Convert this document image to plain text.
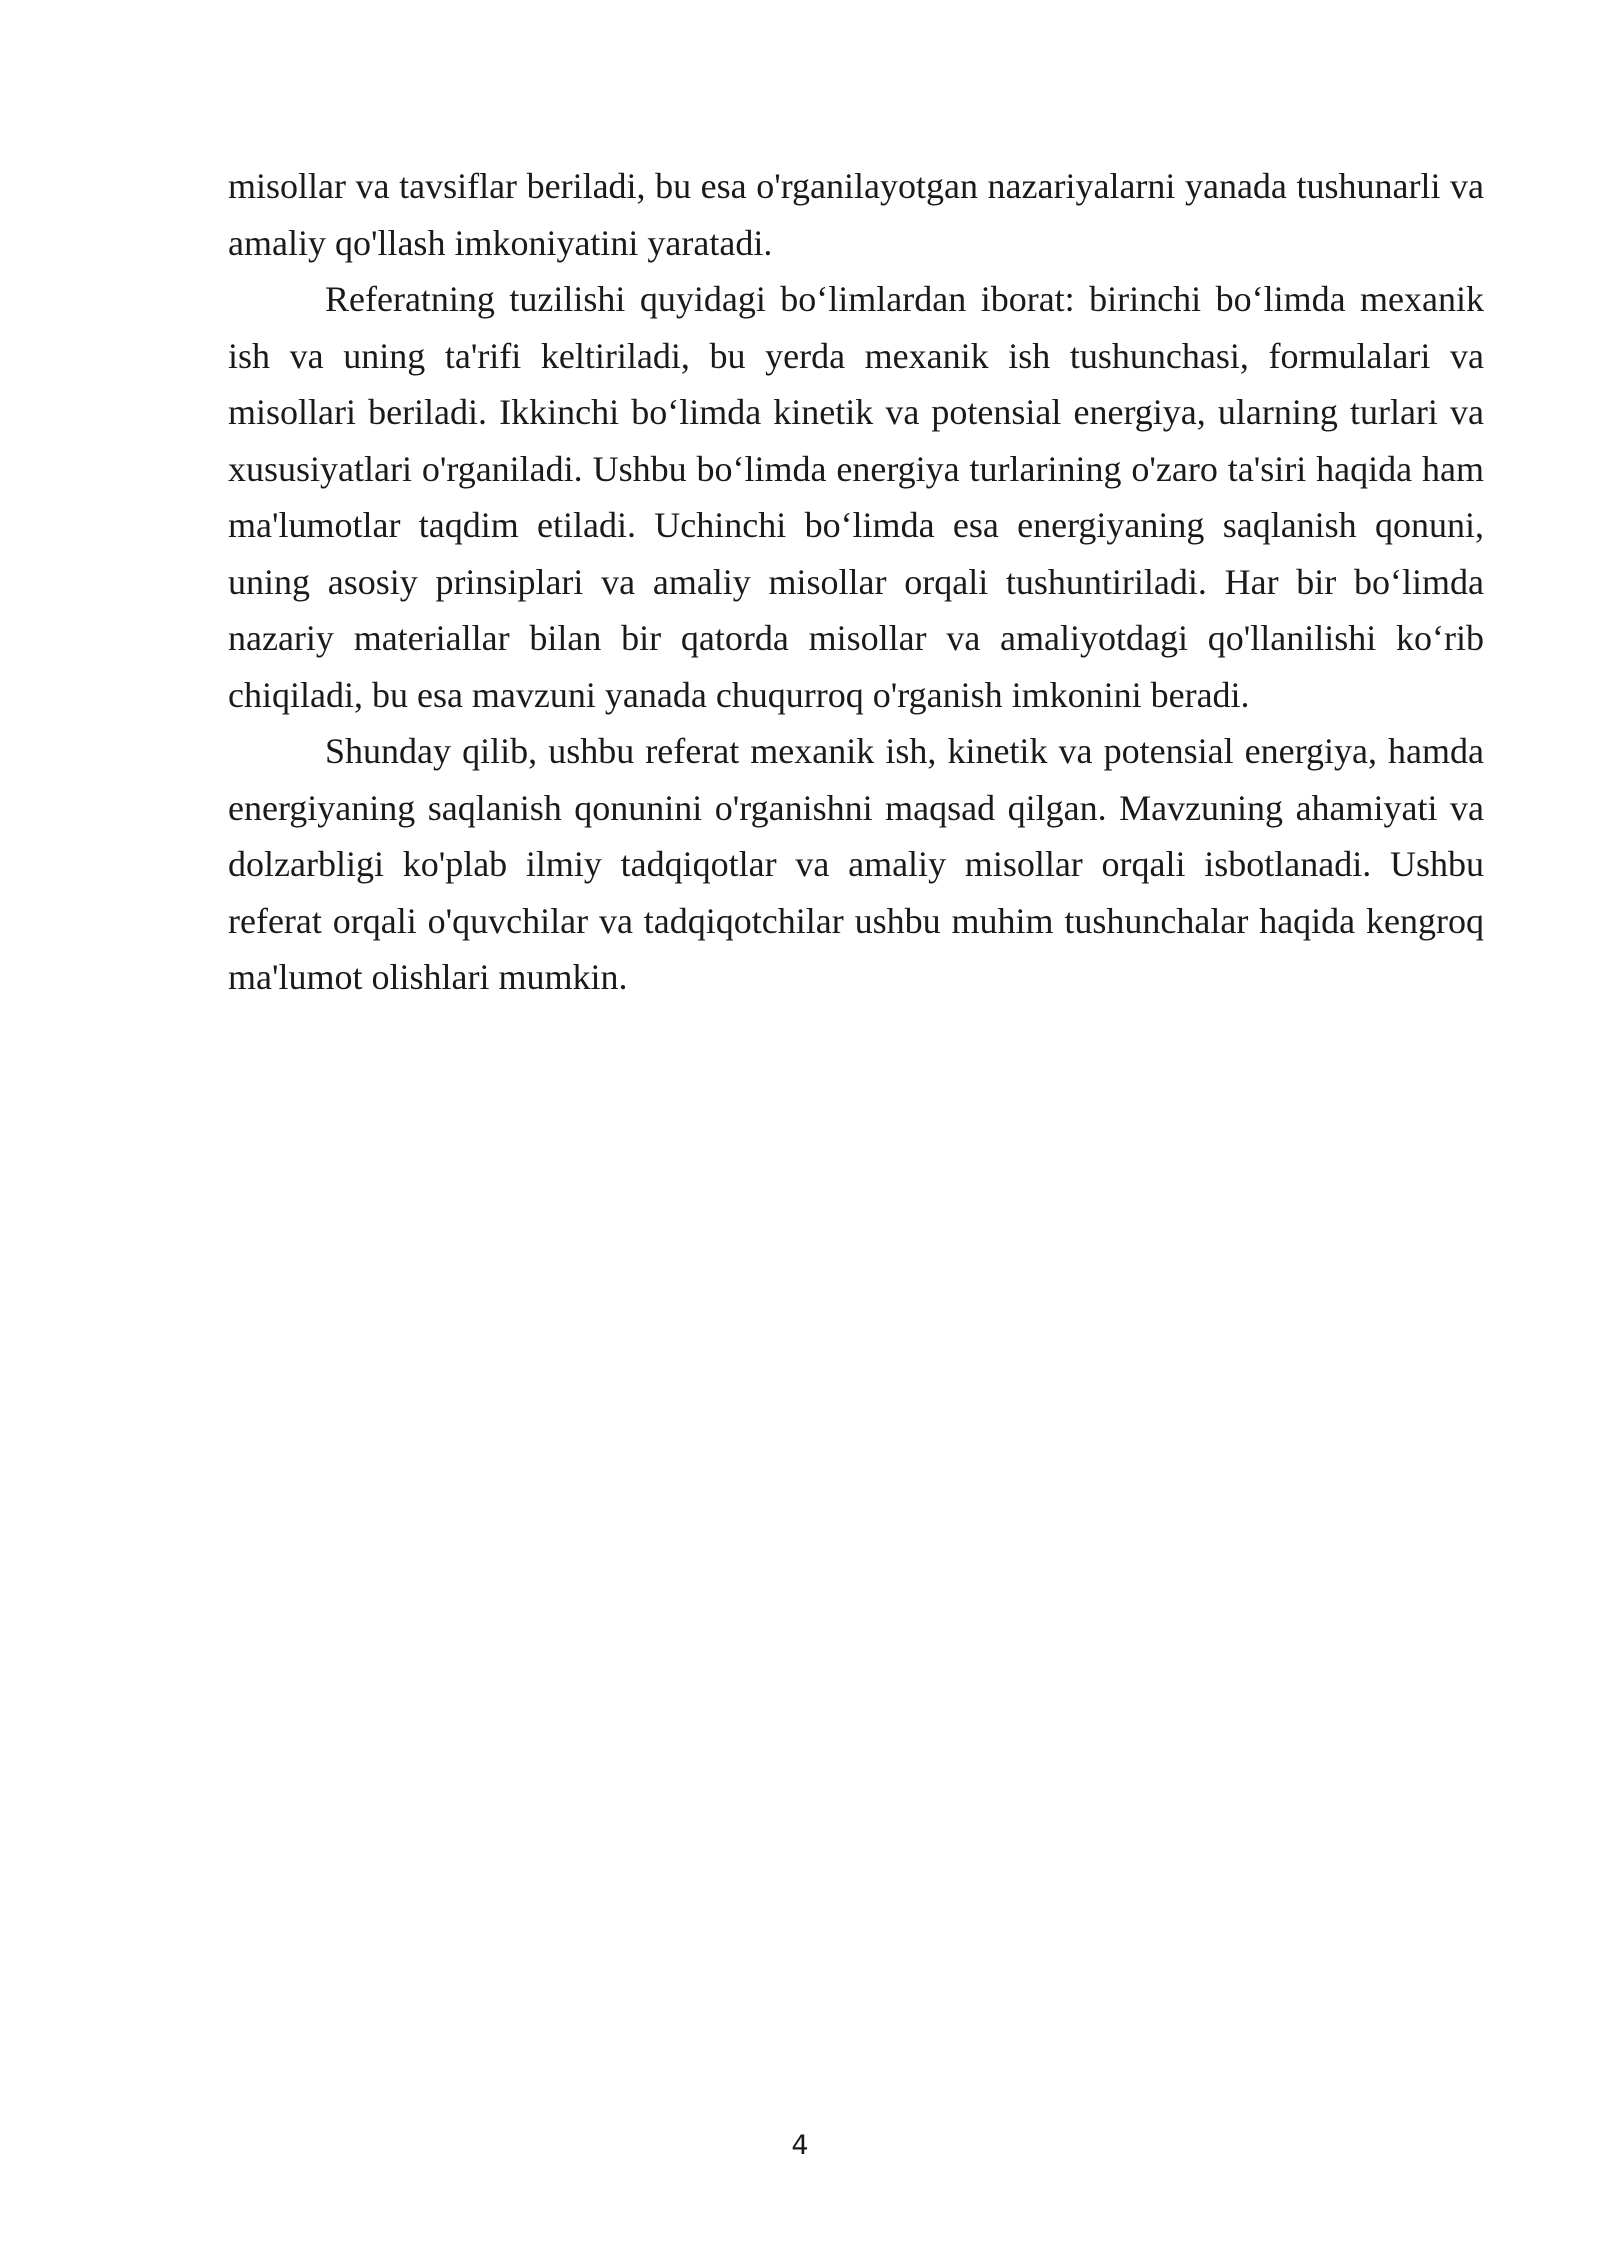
misollar va tavsiflar beriladi, bu esa o'rganilayotgan nazariyalarni yanada tushunarli va amaliy qo'llash imkoniyatini yaratadi.

Referatning tuzilishi quyidagi bo‘limlardan iborat: birinchi bo‘limda mexanik ish va uning ta'rifi keltiriladi, bu yerda mexanik ish tushunchasi, formulalari va misollari beriladi. Ikkinchi bo‘limda kinetik va potensial energiya, ularning turlari va xususiyatlari o'rganiladi. Ushbu bo‘limda energiya turlarining o'zaro ta'siri haqida ham ma'lumotlar taqdim etiladi. Uchinchi bo‘limda esa energiyaning saqlanish qonuni, uning asosiy prinsiplari va amaliy misollar orqali tushuntiriladi. Har bir bo‘limda nazariy materiallar bilan bir qatorda misollar va amaliyotdagi qo'llanilishi ko‘rib chiqiladi, bu esa mavzuni yanada chuqurroq o'rganish imkonini beradi.

Shunday qilib, ushbu referat mexanik ish, kinetik va potensial energiya, hamda energiyaning saqlanish qonunini o'rganishni maqsad qilgan. Mavzuning ahamiyati va dolzarbligi ko'plab ilmiy tadqiqotlar va amaliy misollar orqali isbotlanadi. Ushbu referat orqali o'quvchilar va tadqiqotchilar ushbu muhim tushunchalar haqida kengroq ma'lumot olishlari mumkin.

4
